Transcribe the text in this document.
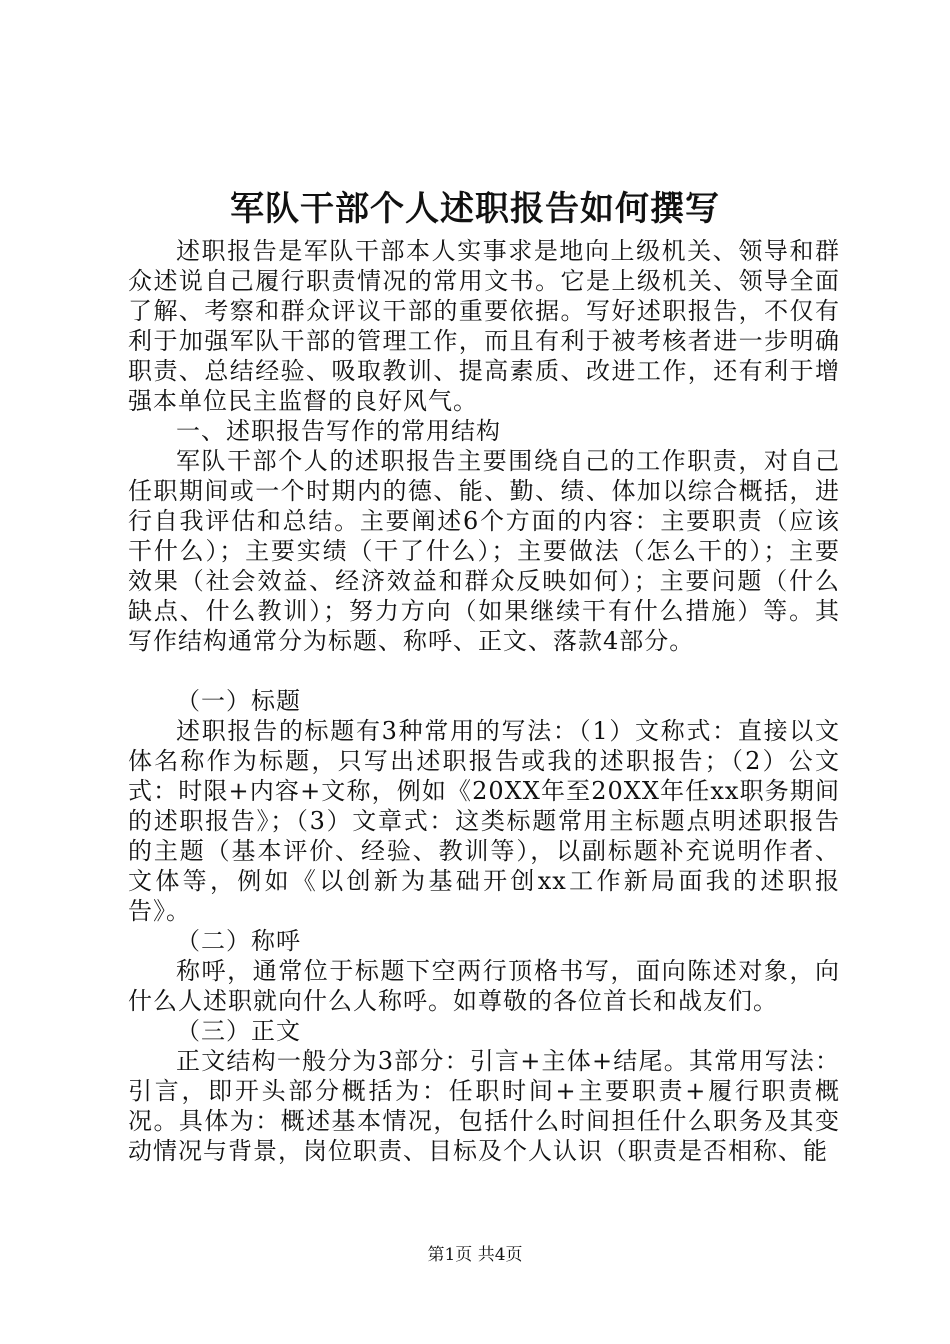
军队干部个人述职报告如何撰写

述职报告是军队干部本人实事求是地向上级机关、领导和群众述说自己履行职责情况的常用文书。它是上级机关、领导全面了解、考察和群众评议干部的重要依据。写好述职报告，不仅有利于加强军队干部的管理工作，而且有利于被考核者进一步明确职责、总结经验、吸取教训、提高素质、改进工作，还有利于增强本单位民主监督的良好风气。

一、述职报告写作的常用结构

军队干部个人的述职报告主要围绕自己的工作职责，对自己任职期间或一个时期内的德、能、勤、绩、体加以综合概括，进行自我评估和总结。主要阐述6个方面的内容：主要职责（应该干什么）；主要实绩（干了什么）；主要做法（怎么干的）；主要效果（社会效益、经济效益和群众反映如何）；主要问题（什么缺点、什么教训）；努力方向（如果继续干有什么措施）等。其写作结构通常分为标题、称呼、正文、落款4部分。

（一）标题

述职报告的标题有3种常用的写法：（1）文称式：直接以文体名称作为标题，只写出述职报告或我的述职报告；（2）公文式：时限+内容+文称，例如《20XX年至20XX年任xx职务期间的述职报告》；（3）文章式：这类标题常用主标题点明述职报告的主题（基本评价、经验、教训等），以副标题补充说明作者、文体等，例如《以创新为基础开创xx工作新局面我的述职报告》。

（二）称呼

称呼，通常位于标题下空两行顶格书写，面向陈述对象，向什么人述职就向什么人称呼。如尊敬的各位首长和战友们。

（三）正文

正文结构一般分为3部分：引言+主体+结尾。其常用写法：引言，即开头部分概括为：任职时间+主要职责+履行职责概况。具体为：概述基本情况，包括什么时间担任什么职务及其变动情况与背景，岗位职责、目标及个人认识（职责是否相称、能

第1页 共4页
